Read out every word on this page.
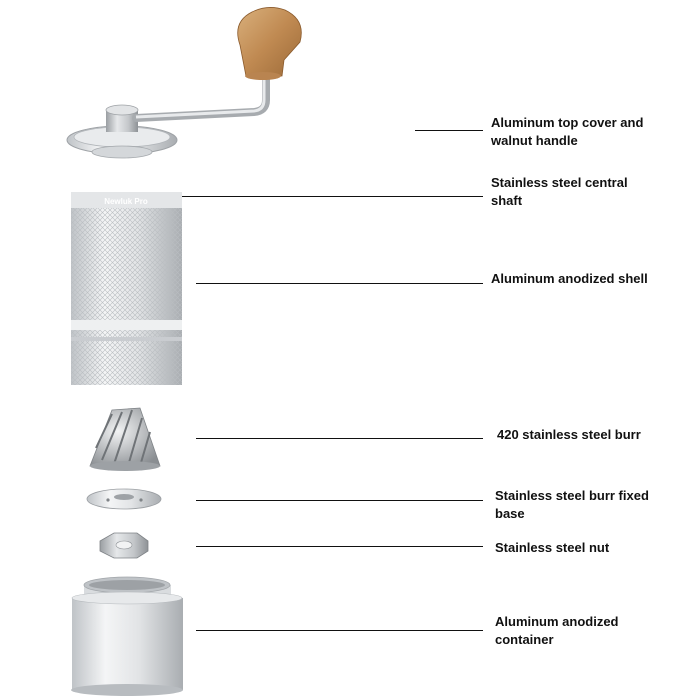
Newluk Pro
Aluminum top cover and
walnut handle
Stainless steel central
shaft
Aluminum anodized shell
420 stainless steel burr
Stainless steel burr fixed
base
Stainless steel nut
Aluminum anodized
container
